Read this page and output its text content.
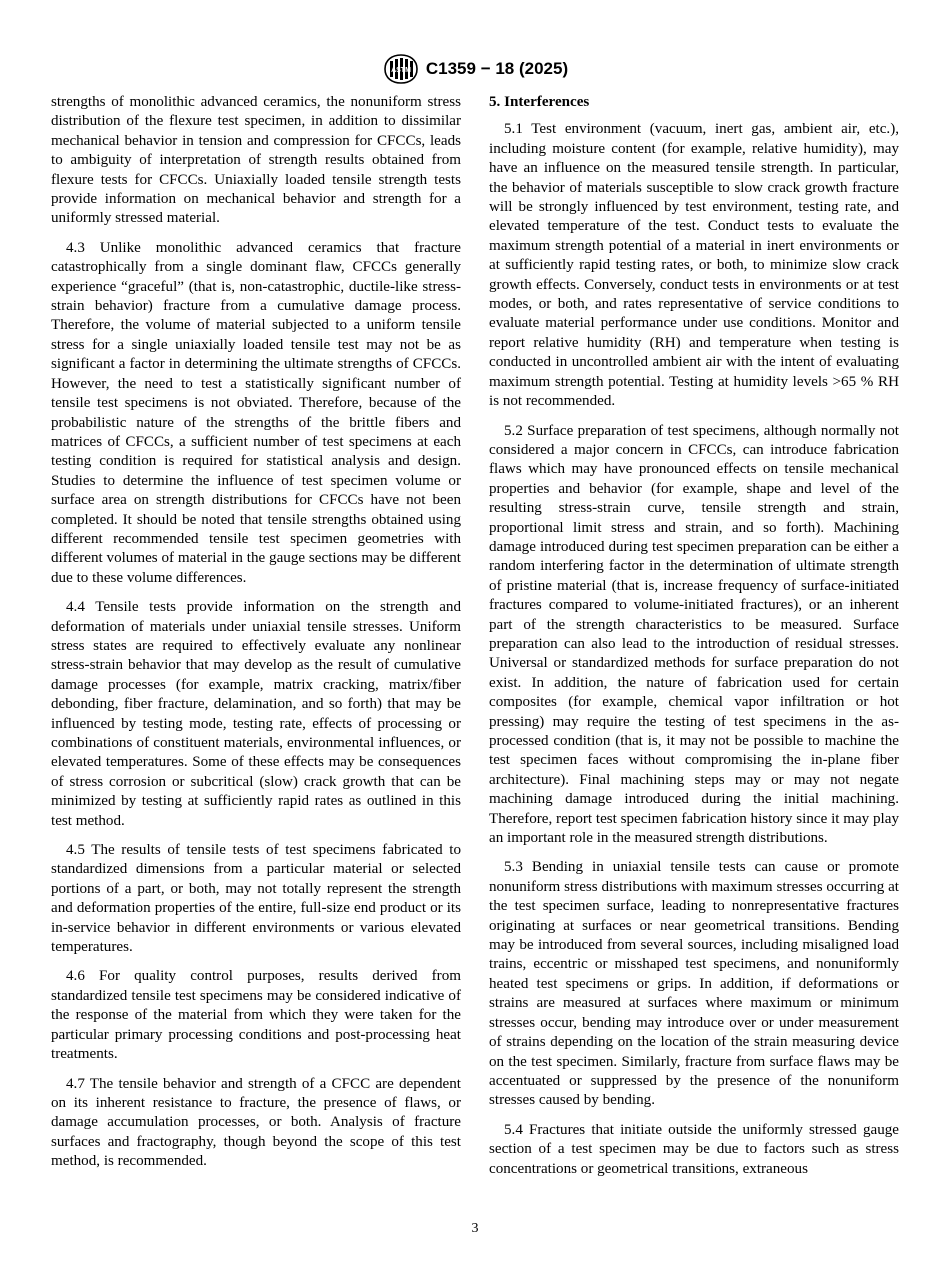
ASTM C1359 − 18 (2025)

strengths of monolithic advanced ceramics, the nonuniform stress distribution of the flexure test specimen, in addition to dissimilar mechanical behavior in tension and compression for CFCCs, leads to ambiguity of interpretation of strength results obtained from flexure tests for CFCCs. Uniaxially loaded tensile strength tests provide information on mechanical behavior and strength for a uniformly stressed material.

4.3 Unlike monolithic advanced ceramics that fracture catastrophically from a single dominant flaw, CFCCs generally experience “graceful” (that is, non-catastrophic, ductile-like stress-strain behavior) fracture from a cumulative damage process. Therefore, the volume of material subjected to a uniform tensile stress for a single uniaxially loaded tensile test may not be as significant a factor in determining the ultimate strengths of CFCCs. However, the need to test a statistically significant number of tensile test specimens is not obviated. Therefore, because of the probabilistic nature of the strengths of the brittle fibers and matrices of CFCCs, a sufficient number of test specimens at each testing condition is required for statistical analysis and design. Studies to determine the influence of test specimen volume or surface area on strength distributions for CFCCs have not been completed. It should be noted that tensile strengths obtained using different recommended tensile test specimen geometries with different volumes of material in the gauge sections may be different due to these volume differences.

4.4 Tensile tests provide information on the strength and deformation of materials under uniaxial tensile stresses. Uniform stress states are required to effectively evaluate any nonlinear stress-strain behavior that may develop as the result of cumulative damage processes (for example, matrix cracking, matrix/fiber debonding, fiber fracture, delamination, and so forth) that may be influenced by testing mode, testing rate, effects of processing or combinations of constituent materials, environmental influences, or elevated temperatures. Some of these effects may be consequences of stress corrosion or subcritical (slow) crack growth that can be minimized by testing at sufficiently rapid rates as outlined in this test method.

4.5 The results of tensile tests of test specimens fabricated to standardized dimensions from a particular material or selected portions of a part, or both, may not totally represent the strength and deformation properties of the entire, full-size end product or its in-service behavior in different environments or various elevated temperatures.

4.6 For quality control purposes, results derived from standardized tensile test specimens may be considered indicative of the response of the material from which they were taken for the particular primary processing conditions and post-processing heat treatments.

4.7 The tensile behavior and strength of a CFCC are dependent on its inherent resistance to fracture, the presence of flaws, or damage accumulation processes, or both. Analysis of fracture surfaces and fractography, though beyond the scope of this test method, is recommended.

5. Interferences

5.1 Test environment (vacuum, inert gas, ambient air, etc.), including moisture content (for example, relative humidity), may have an influence on the measured tensile strength. In particular, the behavior of materials susceptible to slow crack growth fracture will be strongly influenced by test environment, testing rate, and elevated temperature of the test. Conduct tests to evaluate the maximum strength potential of a material in inert environments or at sufficiently rapid testing rates, or both, to minimize slow crack growth effects. Conversely, conduct tests in environments or at test modes, or both, and rates representative of service conditions to evaluate material performance under use conditions. Monitor and report relative humidity (RH) and temperature when testing is conducted in uncontrolled ambient air with the intent of evaluating maximum strength potential. Testing at humidity levels >65 % RH is not recommended.

5.2 Surface preparation of test specimens, although normally not considered a major concern in CFCCs, can introduce fabrication flaws which may have pronounced effects on tensile mechanical properties and behavior (for example, shape and level of the resulting stress-strain curve, tensile strength and strain, proportional limit stress and strain, and so forth). Machining damage introduced during test specimen preparation can be either a random interfering factor in the determination of ultimate strength of pristine material (that is, increase frequency of surface-initiated fractures compared to volume-initiated fractures), or an inherent part of the strength characteristics to be measured. Surface preparation can also lead to the introduction of residual stresses. Universal or standardized methods for surface preparation do not exist. In addition, the nature of fabrication used for certain composites (for example, chemical vapor infiltration or hot pressing) may require the testing of test specimens in the as-processed condition (that is, it may not be possible to machine the test specimen faces without compromising the in-plane fiber architecture). Final machining steps may or may not negate machining damage introduced during the initial machining. Therefore, report test specimen fabrication history since it may play an important role in the measured strength distributions.

5.3 Bending in uniaxial tensile tests can cause or promote nonuniform stress distributions with maximum stresses occurring at the test specimen surface, leading to nonrepresentative fractures originating at surfaces or near geometrical transitions. Bending may be introduced from several sources, including misaligned load trains, eccentric or misshaped test specimens, and nonuniformly heated test specimens or grips. In addition, if deformations or strains are measured at surfaces where maximum or minimum stresses occur, bending may introduce over or under measurement of strains depending on the location of the strain measuring device on the test specimen. Similarly, fracture from surface flaws may be accentuated or suppressed by the presence of the nonuniform stresses caused by bending.

5.4 Fractures that initiate outside the uniformly stressed gauge section of a test specimen may be due to factors such as stress concentrations or geometrical transitions, extraneous

3
